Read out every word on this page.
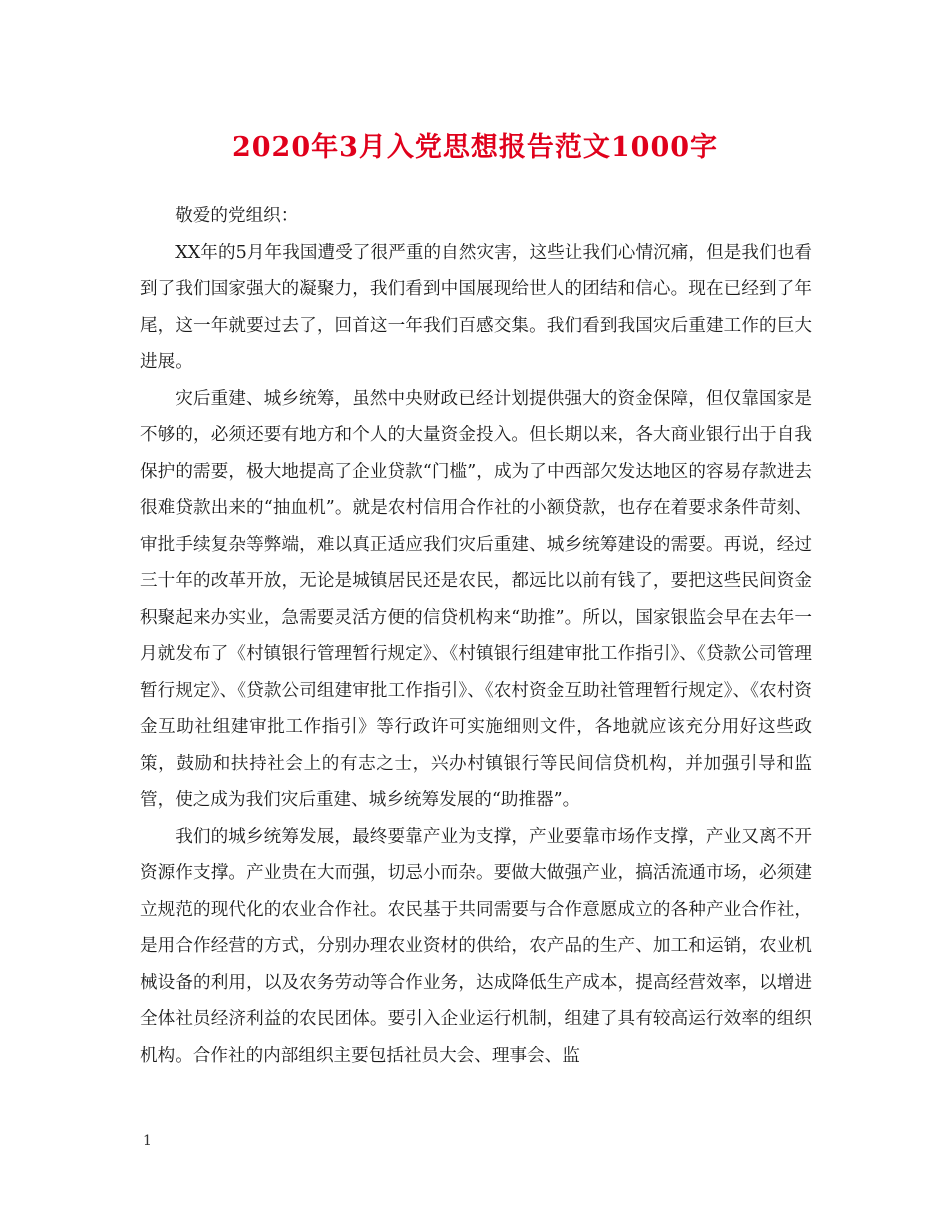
2020年3月入党思想报告范文1000字

敬爱的党组织：

XX年的5月年我国遭受了很严重的自然灾害，这些让我们心情沉痛，但是我们也看到了我们国家强大的凝聚力，我们看到中国展现给世人的团结和信心。现在已经到了年尾，这一年就要过去了，回首这一年我们百感交集。我们看到我国灾后重建工作的巨大进展。

灾后重建、城乡统筹，虽然中央财政已经计划提供强大的资金保障，但仅靠国家是不够的，必须还要有地方和个人的大量资金投入。但长期以来，各大商业银行出于自我保护的需要，极大地提高了企业贷款“门槛”，成为了中西部欠发达地区的容易存款进去很难贷款出来的“抽血机”。就是农村信用合作社的小额贷款，也存在着要求条件苛刻、审批手续复杂等弊端，难以真正适应我们灾后重建、城乡统筹建设的需要。再说，经过三十年的改革开放，无论是城镇居民还是农民，都远比以前有钱了，要把这些民间资金积聚起来办实业，急需要灵活方便的信贷机构来“助推”。所以，国家银监会早在去年一月就发布了《村镇银行管理暂行规定》、《村镇银行组建审批工作指引》、《贷款公司管理暂行规定》、《贷款公司组建审批工作指引》、《农村资金互助社管理暂行规定》、《农村资金互助社组建审批工作指引》等行政许可实施细则文件，各地就应该充分用好这些政策，鼓励和扶持社会上的有志之士，兴办村镇银行等民间信贷机构，并加强引导和监管，使之成为我们灾后重建、城乡统筹发展的“助推器”。

我们的城乡统筹发展，最终要靠产业为支撑，产业要靠市场作支撑，产业又离不开资源作支撑。产业贵在大而强，切忌小而杂。要做大做强产业，搞活流通市场，必须建立规范的现代化的农业合作社。农民基于共同需要与合作意愿成立的各种产业合作社，是用合作经营的方式，分别办理农业资材的供给，农产品的生产、加工和运销，农业机械设备的利用，以及农务劳动等合作业务，达成降低生产成本，提高经营效率，以增进全体社员经济利益的农民团体。要引入企业运行机制，组建了具有较高运行效率的组织机构。合作社的内部组织主要包括社员大会、理事会、监

1
